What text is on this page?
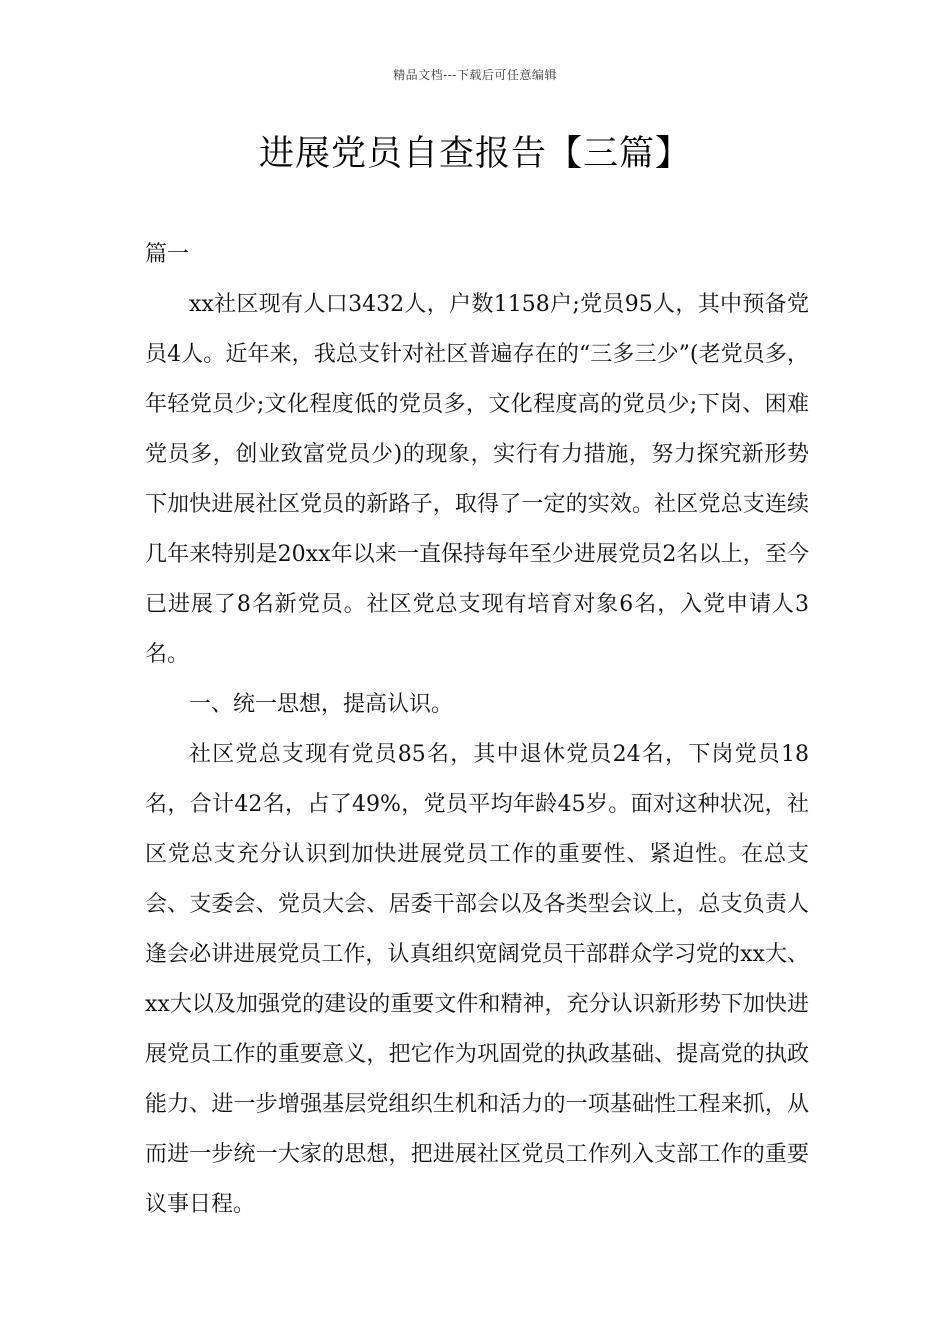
精品文档---下载后可任意编辑
进展党员自查报告【三篇】

篇一

xx社区现有人口3432人，户数1158户;党员95人，其中预备党员4人。近年来，我总支针对社区普遍存在的“三多三少”(老党员多，年轻党员少;文化程度低的党员多，文化程度高的党员少;下岗、困难党员多，创业致富党员少)的现象，实行有力措施，努力探究新形势下加快进展社区党员的新路子，取得了一定的实效。社区党总支连续几年来特别是20xx年以来一直保持每年至少进展党员2名以上，至今已进展了8名新党员。社区党总支现有培育对象6名，入党申请人3名。

一、统一思想，提高认识。

社区党总支现有党员85名，其中退休党员24名，下岗党员18名，合计42名，占了49%，党员平均年龄45岁。面对这种状况，社区党总支充分认识到加快进展党员工作的重要性、紧迫性。在总支会、支委会、党员大会、居委干部会以及各类型会议上，总支负责人逢会必讲进展党员工作，认真组织宽阔党员干部群众学习党的xx大、xx大以及加强党的建设的重要文件和精神，充分认识新形势下加快进展党员工作的重要意义，把它作为巩固党的执政基础、提高党的执政能力、进一步增强基层党组织生机和活力的一项基础性工程来抓，从而进一步统一大家的思想，把进展社区党员工作列入支部工作的重要议事日程。
